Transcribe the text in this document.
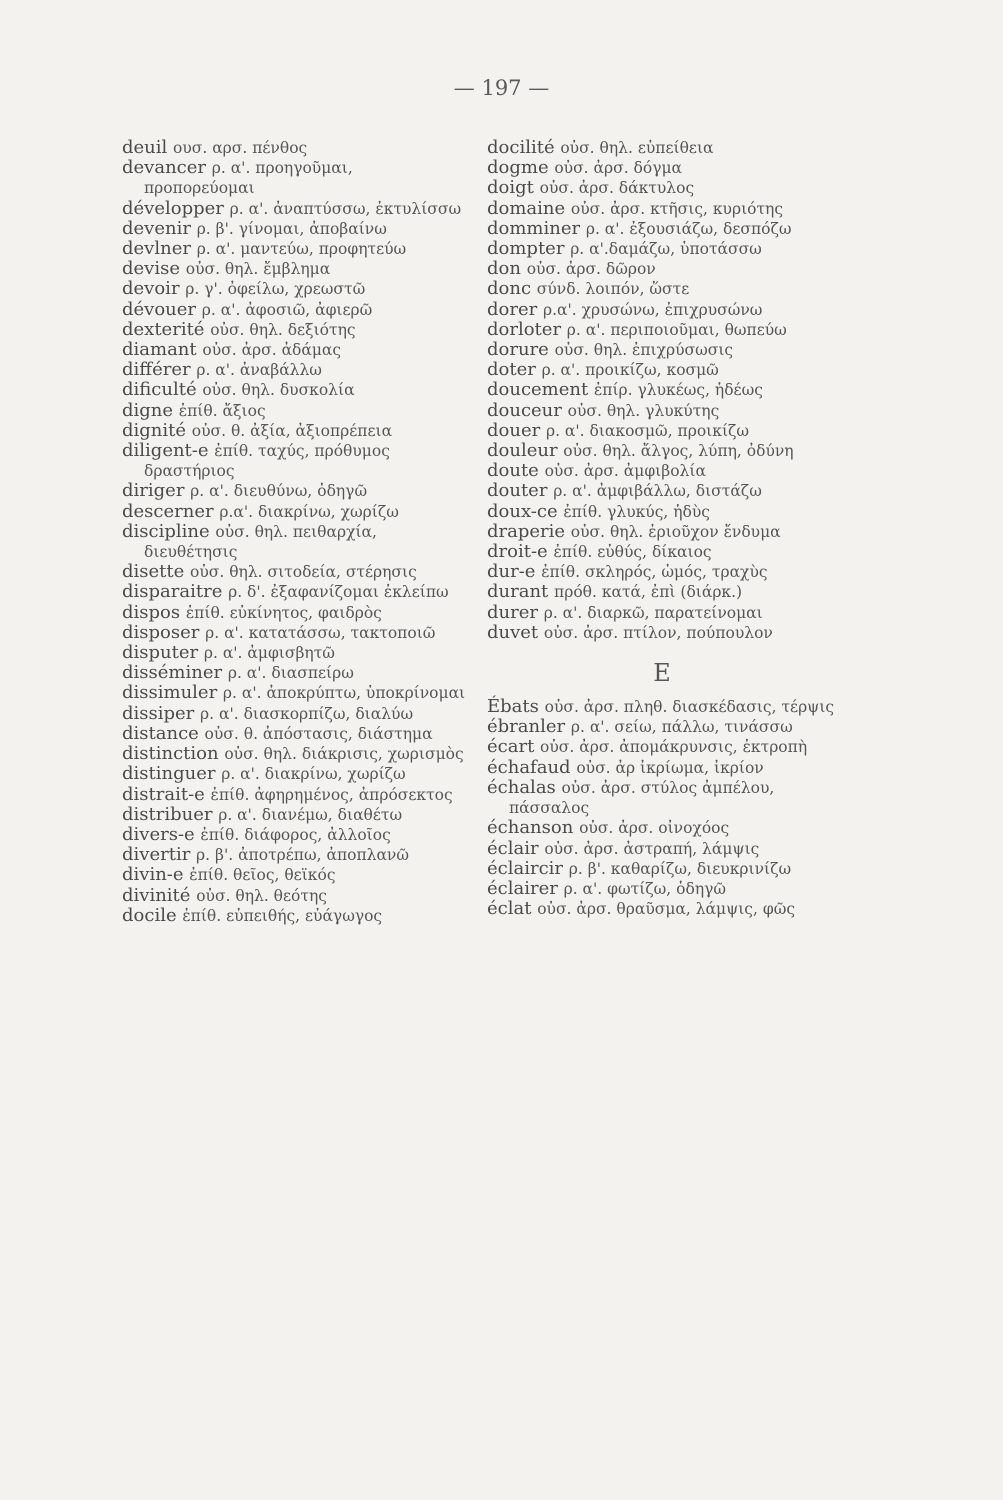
— 197 —
deuil ουσ. αρσ. πένθος
devancer ρ. α'. προηγοῦμαι, προπορεύομαι
développer ρ. α'. ἀναπτύσσω, ἐκτυλίσσω
devenir ρ. β'. γίνομαι, ἀποβαίνω
devlner ρ. α'. μαντεύω, προφητεύω
devise οὐσ. θηλ. ἔμβλημα
devoir ρ. γ'. ὀφείλω, χρεωστῶ
dévouer ρ. α'. ἀφοσιῶ, ἀφιερῶ
dexterité οὐσ. θηλ. δεξιότης
diamant οὐσ. ἀρσ. ἀδάμας
différer ρ. α'. ἀναβάλλω
dificulté οὐσ. θηλ. δυσκολία
digne ἐπίθ. ἄξιος
dignité οὐσ. θ. ἀξία, ἀξιοπρέπεια
diligent-e ἐπίθ. ταχύς, πρόθυμος δραστήριος
diriger ρ. α'. διευθύνω, ὁδηγῶ
descerner ρ.α'. διακρίνω, χωρίζω
discipline οὐσ. θηλ. πειθαρχία, διευθέτησις
disette οὐσ. θηλ. σιτοδεία, στέρησις
disparaitre ρ. δ'. ἐξαφανίζομαι ἐκλείπω
dispos ἐπίθ. εὐκίνητος, φαιδρὸς
disposer ρ. α'. κατατάσσω, τακτοποιῶ
disputer ρ. α'. ἀμφισβητῶ
disséminer ρ. α'. διασπείρω
dissimuler ρ. α'. ἀποκρύπτω, ὑποκρίνομαι
dissiper ρ. α'. διασκορπίζω, διαλύω
distance οὐσ. θ. ἀπόστασις, διάστημα
distinction οὐσ. θηλ. διάκρισις, χωρισμὸς
distinguer ρ. α'. διακρίνω, χωρίζω
distrait-e ἐπίθ. ἀφηρημένος, ἀπρόσεκτος
distribuer ρ. α'. διανέμω, διαθέτω
divers-e ἐπίθ. διάφορος, ἀλλοῖος
divertir ρ. β'. ἀποτρέπω, ἀποπλανῶ
divin-e ἐπίθ. θεῖος, θεϊκός
divinité οὐσ. θηλ. θεότης
docile ἐπίθ. εὐπειθής, εὐάγωγος
docilité οὐσ. θηλ. εὐπείθεια
dogme οὐσ. ἀρσ. δόγμα
doigt οὐσ. ἀρσ. δάκτυλος
domaine οὐσ. ἀρσ. κτῆσις, κυριότης
domminer ρ. α'. ἐξουσιάζω, δεσπόζω
dompter ρ. α'.δαμάζω, ὑποτάσσω
don οὐσ. ἀρσ. δῶρον
donc σύνδ. λοιπόν, ὥστε
dorer ρ.α'. χρυσώνω, ἐπιχρυσώνω
dorloter ρ. α'. περιποιοῦμαι, θωπεύω
dorure οὐσ. θηλ. ἐπιχρύσωσις
doter ρ. α'. προικίζω, κοσμῶ
doucement ἐπίρ. γλυκέως, ἡδέως
douceur οὐσ. θηλ. γλυκύτης
douer ρ. α'. διακοσμῶ, προικίζω
douleur οὐσ. θηλ. ἄλγος, λύπη, ὀδύνη
doute οὐσ. ἀρσ. ἀμφιβολία
douter ρ. α'. ἀμφιβάλλω, διστάζω
doux-ce ἐπίθ. γλυκύς, ἡδὺς
draperie οὐσ. θηλ. ἐριοῦχον ἔνδυμα
droit-e ἐπίθ. εὐθύς, δίκαιος
dur-e ἐπίθ. σκληρός, ὠμός, τραχὺς
durant πρόθ. κατά, ἐπὶ (διάρκ.)
durer ρ. α'. διαρκῶ, παρατείνομαι
duvet οὐσ. ἀρσ. πτίλον, πούπουλον
E
Ébats οὐσ. ἀρσ. πληθ. διασκέδασις, τέρψις
ébranler ρ. α'. σείω, πάλλω, τινάσσω
écart οὐσ. ἀρσ. ἀπομάκρυνσις, ἐκτροπὴ
échafaud οὐσ. ἀρ ἰκρίωμα, ἰκρίον
échalas οὐσ. ἀρσ. στύλος ἀμπέλου, πάσσαλος
échanson οὐσ. ἀρσ. οἰνοχόος
éclair οὐσ. ἀρσ. ἀστραπή, λάμψις
éclaircir ρ. β'. καθαρίζω, διευκρινίζω
éclairer ρ. α'. φωτίζω, ὁδηγῶ
éclat οὐσ. ἀρσ. θραῦσμα, λάμψις, φῶς
